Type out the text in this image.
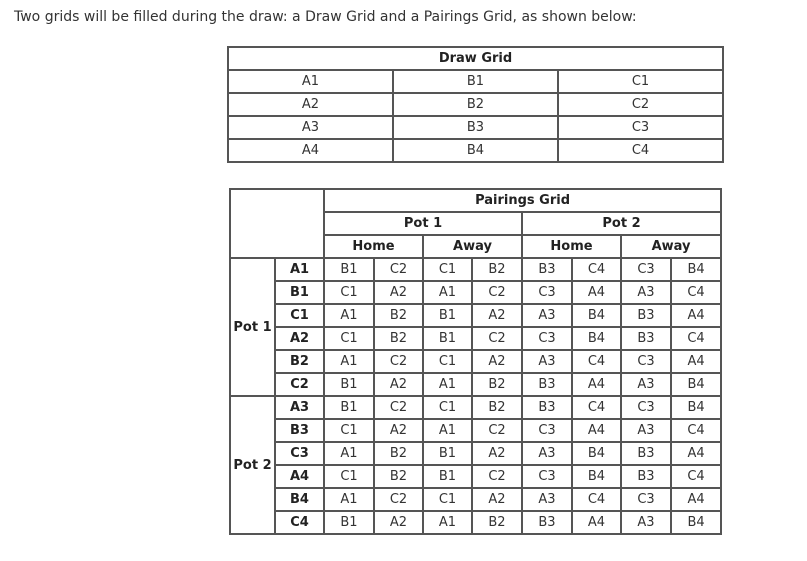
Two grids will be filled during the draw: a Draw Grid and a Pairings Grid, as shown below:

Draw Grid		
A1	B1	C1
A2	B2	C2
A3	B3	C3
A4	B4	C4
		Pairings Grid							
		Pot 1				Pot 2			
		Home		Away		Home		Away	
Pot 1	A1	B1	C2	C1	B2	B3	C4	C3	B4
	B1	C1	A2	A1	C2	C3	A4	A3	C4
	C1	A1	B2	B1	A2	A3	B4	B3	A4
	A2	C1	B2	B1	C2	C3	B4	B3	C4
	B2	A1	C2	C1	A2	A3	C4	C3	A4
	C2	B1	A2	A1	B2	B3	A4	A3	B4
Pot 2	A3	B1	C2	C1	B2	B3	C4	C3	B4
	B3	C1	A2	A1	C2	C3	A4	A3	C4
	C3	A1	B2	B1	A2	A3	B4	B3	A4
	A4	C1	B2	B1	C2	C3	B4	B3	C4
	B4	A1	C2	C1	A2	A3	C4	C3	A4
	C4	B1	A2	A1	B2	B3	A4	A3	B4
